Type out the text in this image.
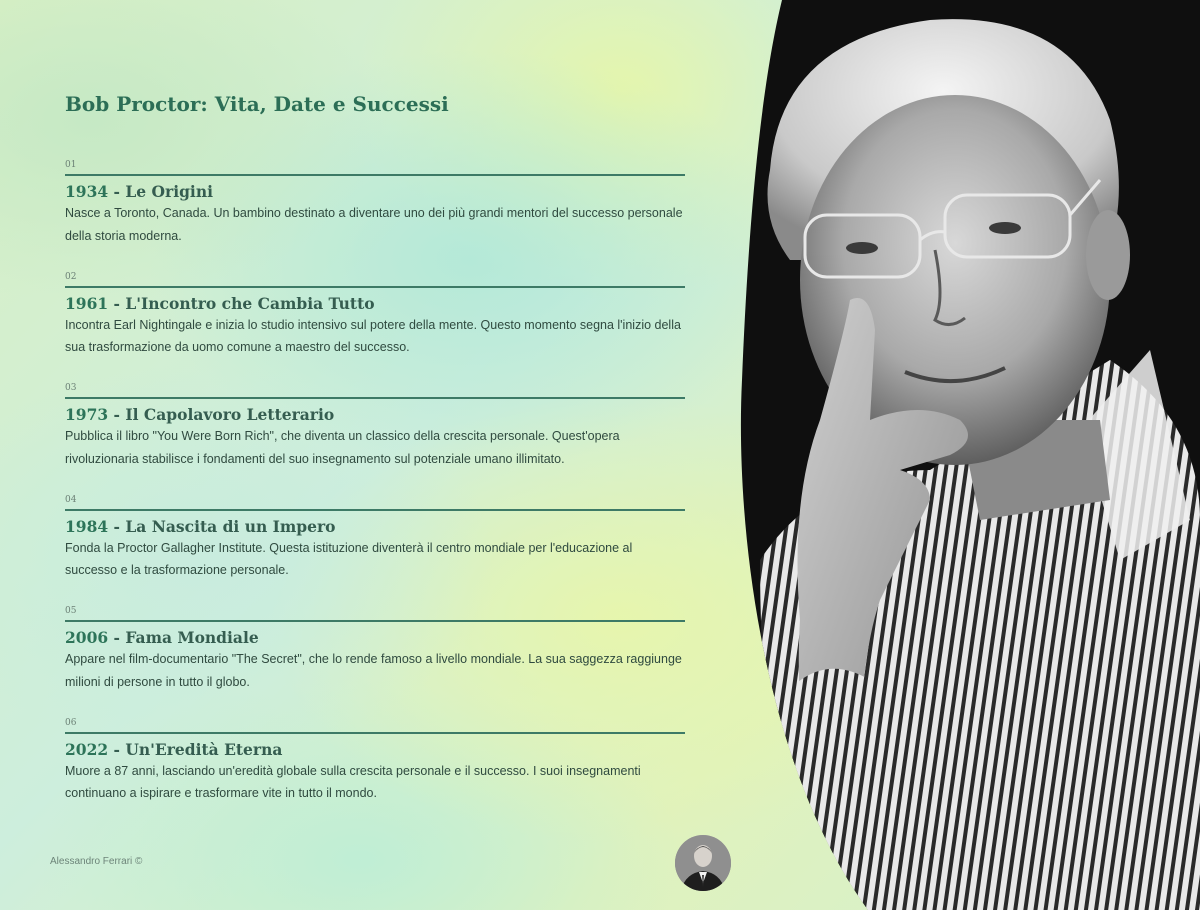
Bob Proctor: Vita, Date e Successi
01
1934 - Le Origini
Nasce a Toronto, Canada. Un bambino destinato a diventare uno dei più grandi mentori del successo personale della storia moderna.
02
1961 - L'Incontro che Cambia Tutto
Incontra Earl Nightingale e inizia lo studio intensivo sul potere della mente. Questo momento segna l'inizio della sua trasformazione da uomo comune a maestro del successo.
03
1973 - Il Capolavoro Letterario
Pubblica il libro "You Were Born Rich", che diventa un classico della crescita personale. Quest'opera rivoluzionaria stabilisce i fondamenti del suo insegnamento sul potenziale umano illimitato.
04
1984 - La Nascita di un Impero
Fonda la Proctor Gallagher Institute. Questa istituzione diventerà il centro mondiale per l'educazione al successo e la trasformazione personale.
05
2006 - Fama Mondiale
Appare nel film-documentario "The Secret", che lo rende famoso a livello mondiale. La sua saggezza raggiunge milioni di persone in tutto il globo.
06
2022 - Un'Eredità Eterna
Muore a 87 anni, lasciando un'eredità globale sulla crescita personale e il successo. I suoi insegnamenti continuano a ispirare e trasformare vite in tutto il mondo.
Alessandro Ferrari ©
